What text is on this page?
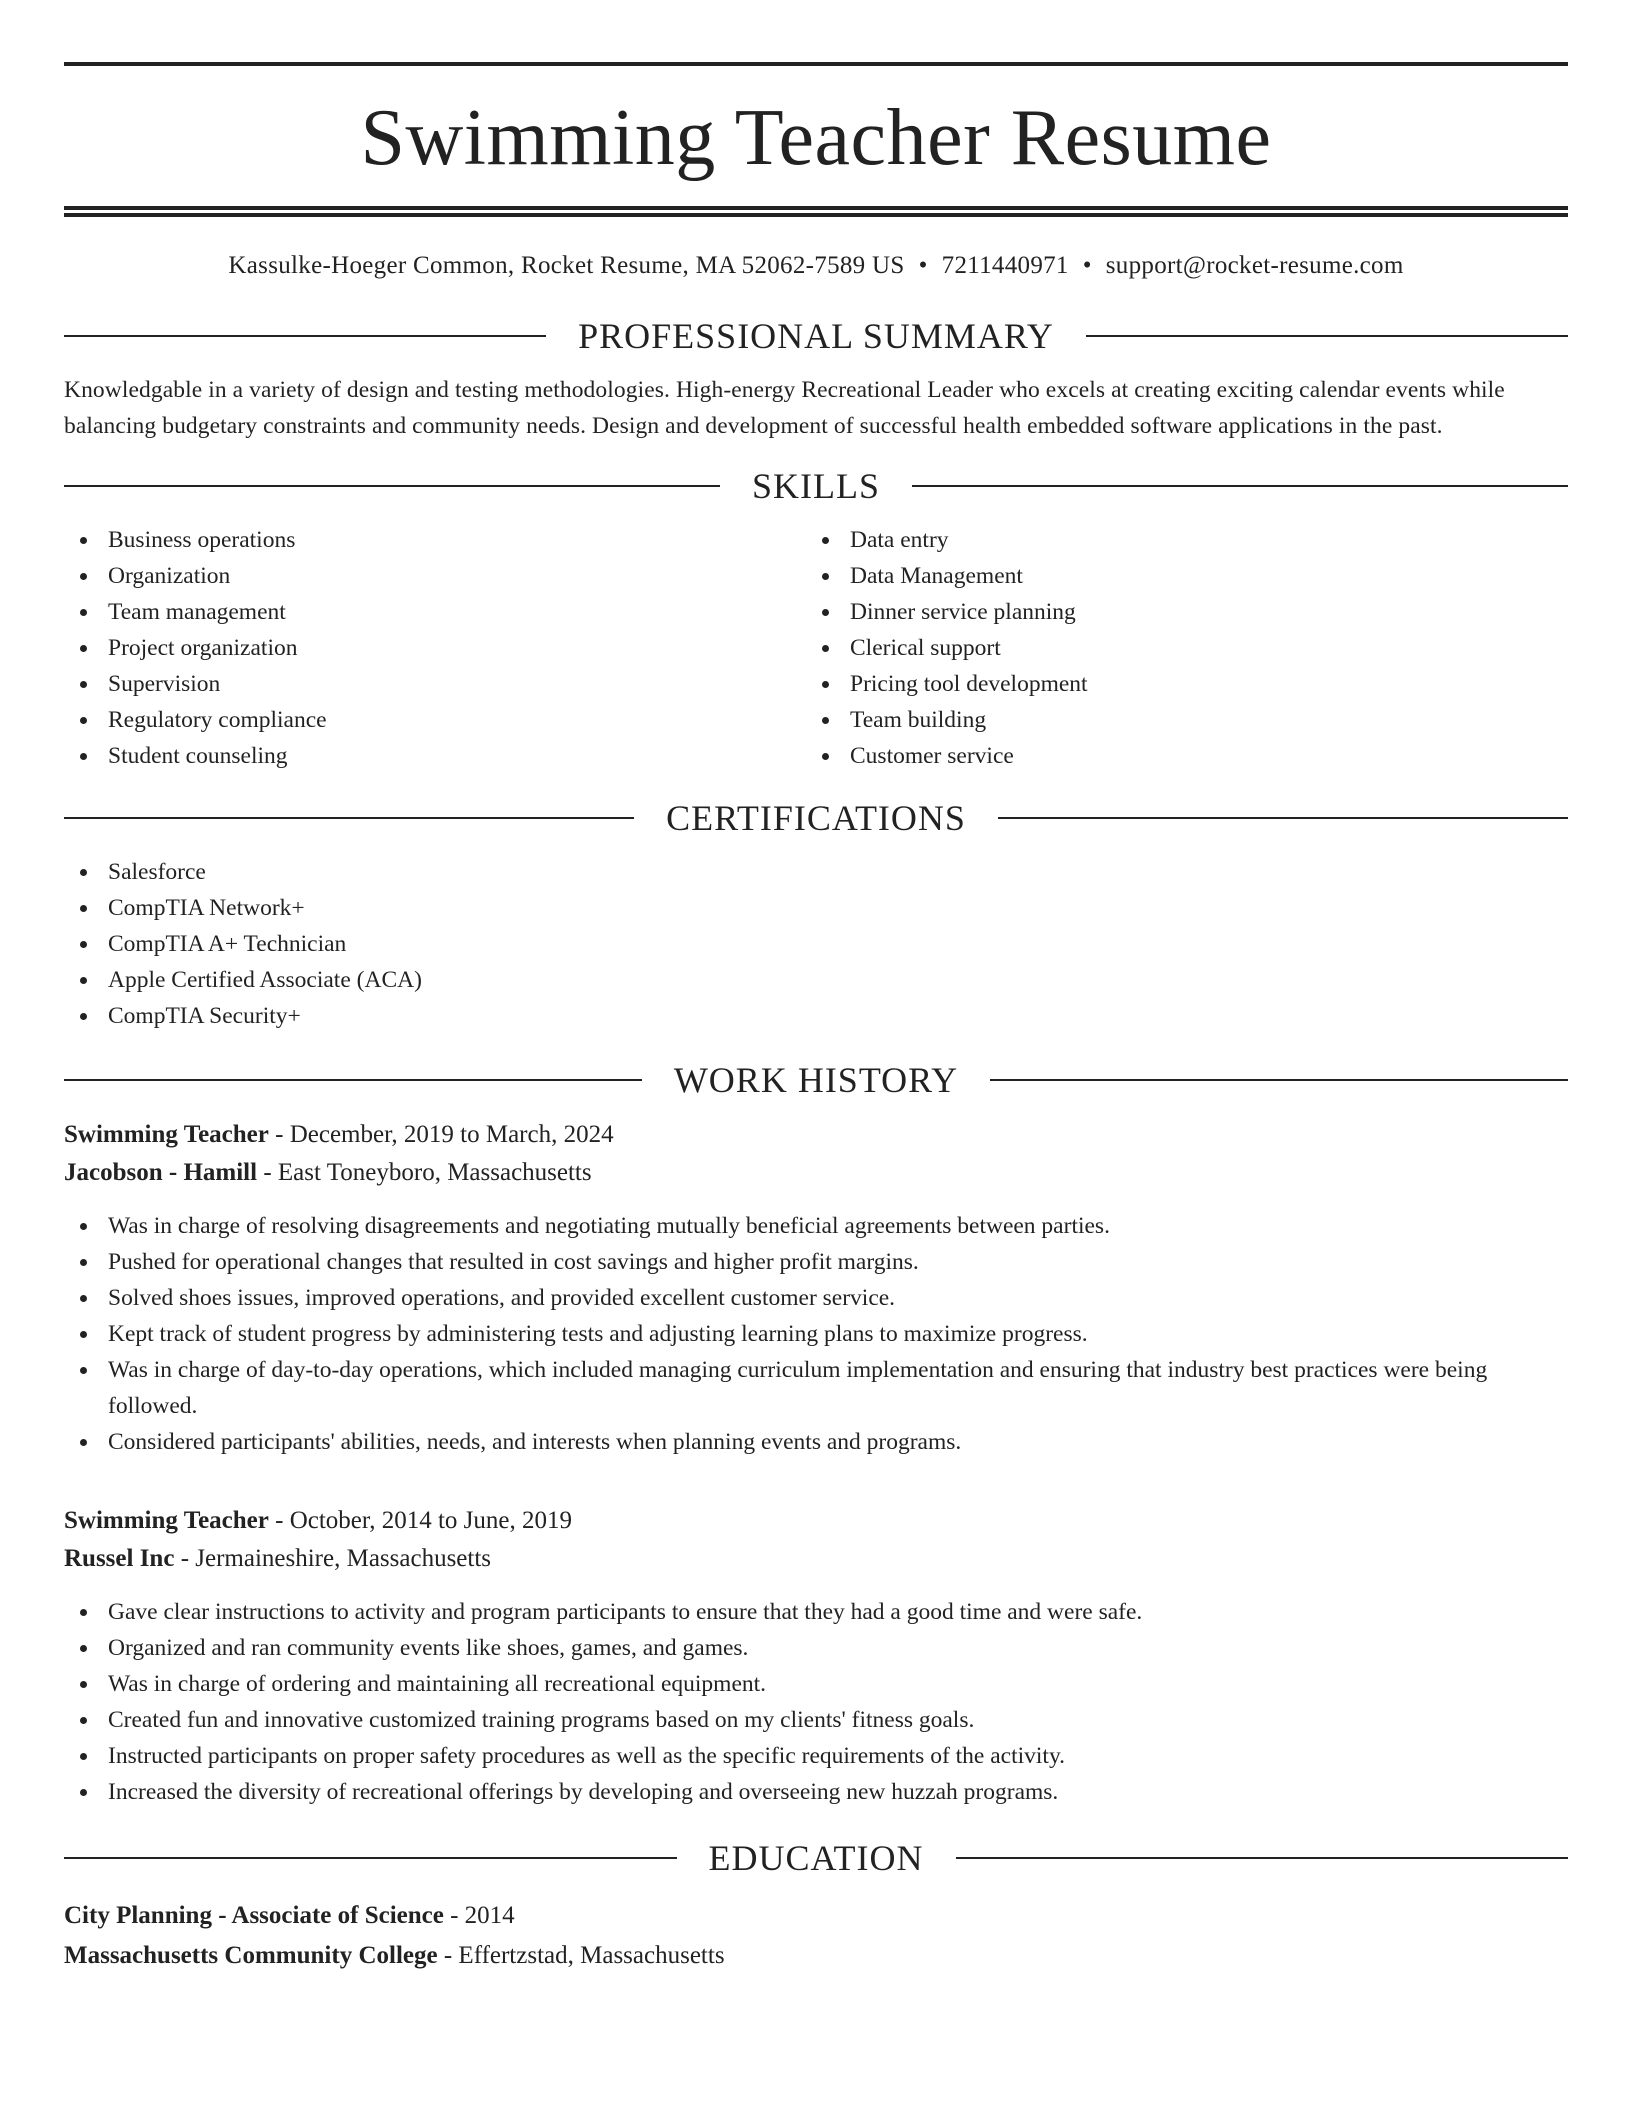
Swimming Teacher Resume
Kassulke-Hoeger Common, Rocket Resume, MA 52062-7589 US • 7211440971 • support@rocket-resume.com
PROFESSIONAL SUMMARY

Knowledgable in a variety of design and testing methodologies. High-energy Recreational Leader who excels at creating exciting calendar events while balancing budgetary constraints and community needs. Design and development of successful health embedded software applications in the past.

SKILLS
Business operations
Organization
Team management
Project organization
Supervision
Regulatory compliance
Student counseling
Data entry
Data Management
Dinner service planning
Clerical support
Pricing tool development
Team building
Customer service
CERTIFICATIONS
Salesforce
CompTIA Network+
CompTIA A+ Technician
Apple Certified Associate (ACA)
CompTIA Security+
WORK HISTORY
Swimming Teacher - December, 2019 to March, 2024
Jacobson - Hamill - East Toneyboro, Massachusetts
Was in charge of resolving disagreements and negotiating mutually beneficial agreements between parties.
Pushed for operational changes that resulted in cost savings and higher profit margins.
Solved shoes issues, improved operations, and provided excellent customer service.
Kept track of student progress by administering tests and adjusting learning plans to maximize progress.
Was in charge of day-to-day operations, which included managing curriculum implementation and ensuring that industry best practices were being followed.
Considered participants' abilities, needs, and interests when planning events and programs.
Swimming Teacher - October, 2014 to June, 2019
Russel Inc - Jermaineshire, Massachusetts
Gave clear instructions to activity and program participants to ensure that they had a good time and were safe.
Organized and ran community events like shoes, games, and games.
Was in charge of ordering and maintaining all recreational equipment.
Created fun and innovative customized training programs based on my clients' fitness goals.
Instructed participants on proper safety procedures as well as the specific requirements of the activity.
Increased the diversity of recreational offerings by developing and overseeing new huzzah programs.
EDUCATION
City Planning - Associate of Science - 2014
Massachusetts Community College - Effertzstad, Massachusetts
